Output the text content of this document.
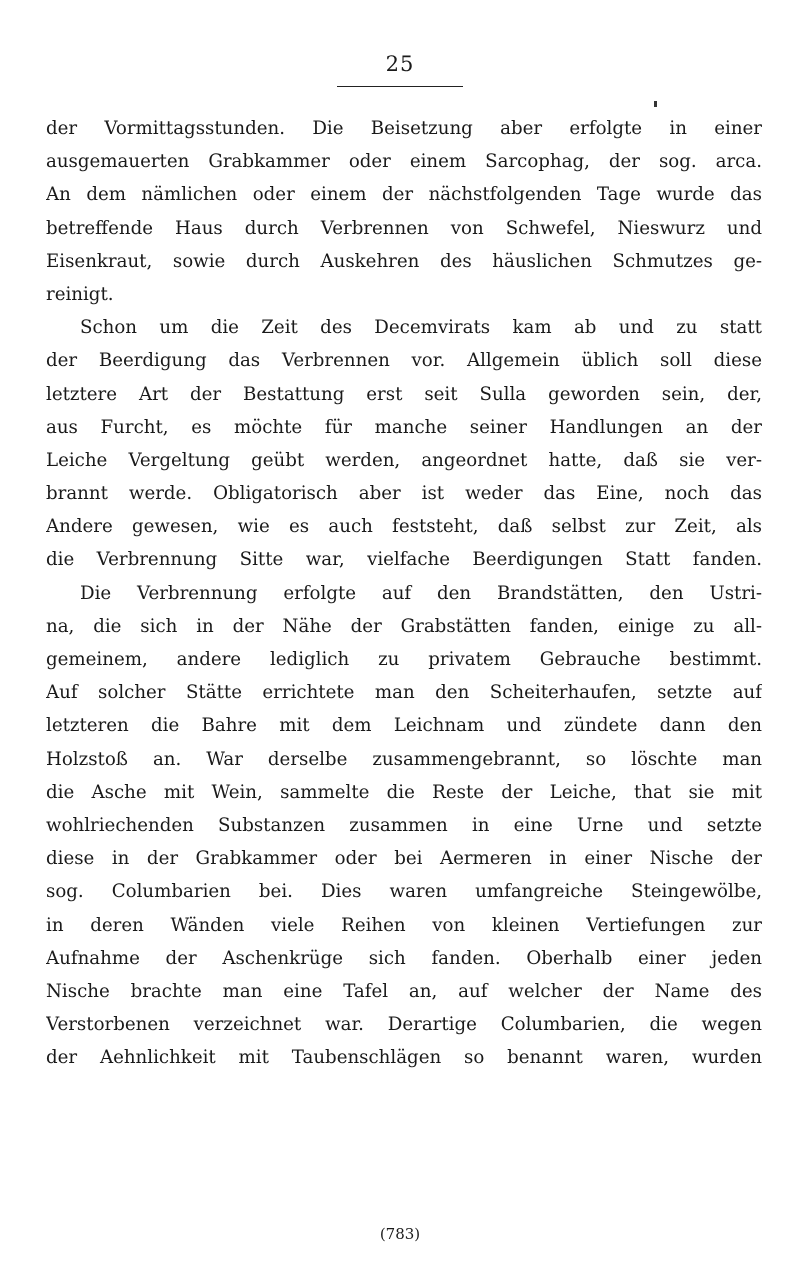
25
der Vormittagsstunden. Die Beisetzung aber erfolgte in einer
ausgemauerten Grabkammer oder einem Sarcophag, der sog. arca.
An dem nämlichen oder einem der nächstfolgenden Tage wurde das
betreffende Haus durch Verbrennen von Schwefel, Nieswurz und
Eisenkraut, sowie durch Auskehren des häuslichen Schmutzes ge-
reinigt.
Schon um die Zeit des Decemvirats kam ab und zu statt
der Beerdigung das Verbrennen vor. Allgemein üblich soll diese
letztere Art der Bestattung erst seit Sulla geworden sein, der,
aus Furcht, es möchte für manche seiner Handlungen an der
Leiche Vergeltung geübt werden, angeordnet hatte, daß sie ver-
brannt werde. Obligatorisch aber ist weder das Eine, noch das
Andere gewesen, wie es auch feststeht, daß selbst zur Zeit, als
die Verbrennung Sitte war, vielfache Beerdigungen Statt fanden.
Die Verbrennung erfolgte auf den Brandstätten, den Ustri-
na, die sich in der Nähe der Grabstätten fanden, einige zu all-
gemeinem, andere lediglich zu privatem Gebrauche bestimmt.
Auf solcher Stätte errichtete man den Scheiterhaufen, setzte auf
letzteren die Bahre mit dem Leichnam und zündete dann den
Holzstoß an. War derselbe zusammengebrannt, so löschte man
die Asche mit Wein, sammelte die Reste der Leiche, that sie mit
wohlriechenden Substanzen zusammen in eine Urne und setzte
diese in der Grabkammer oder bei Aermeren in einer Nische der
sog. Columbarien bei. Dies waren umfangreiche Steingewölbe,
in deren Wänden viele Reihen von kleinen Vertiefungen zur
Aufnahme der Aschenkrüge sich fanden. Oberhalb einer jeden
Nische brachte man eine Tafel an, auf welcher der Name des
Verstorbenen verzeichnet war. Derartige Columbarien, die wegen
der Aehnlichkeit mit Taubenschlägen so benannt waren, wurden
(783)
